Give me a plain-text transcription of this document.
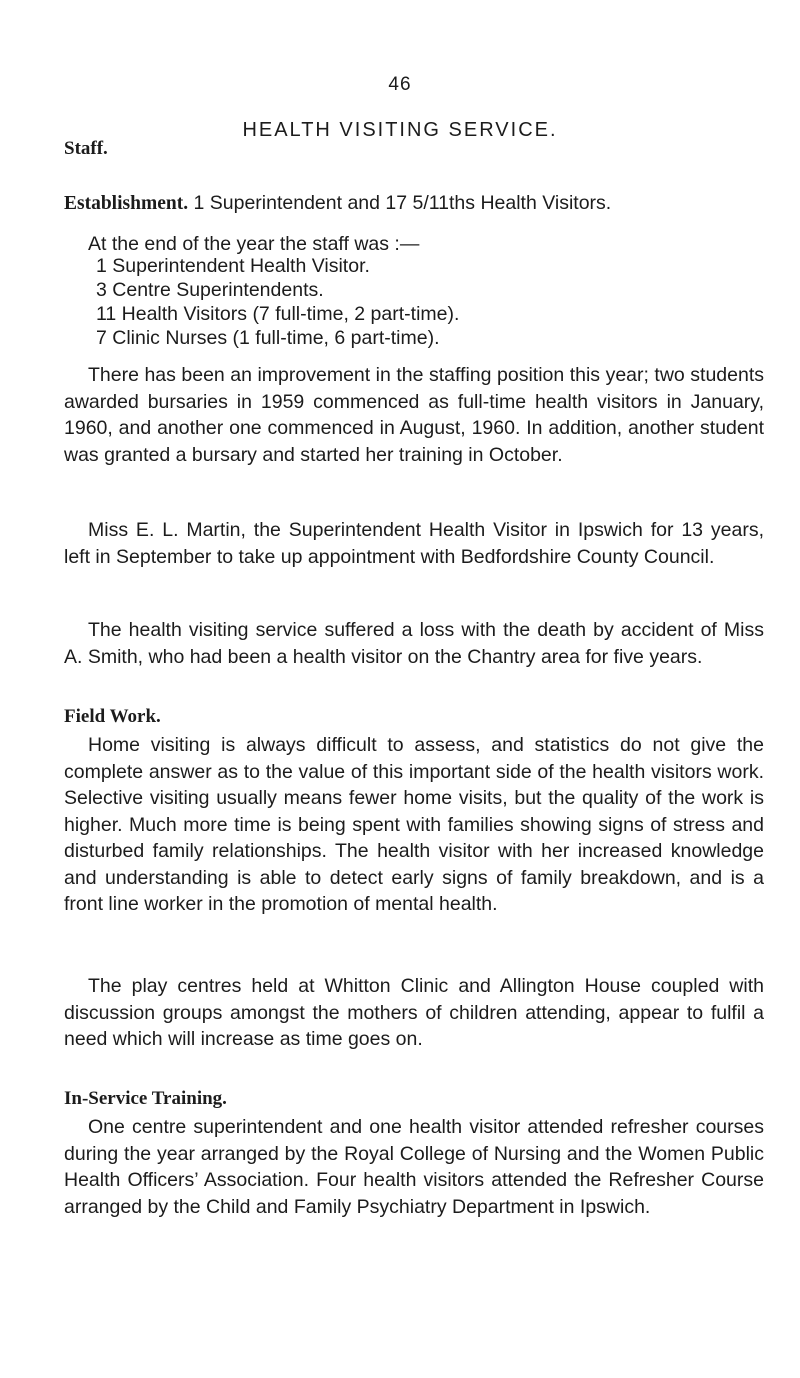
46
HEALTH VISITING SERVICE.
Staff.

Establishment. 1 Superintendent and 17 5/11ths Health Visitors.

At the end of the year the staff was :—

1 Superintendent Health Visitor.
3 Centre Superintendents.
11 Health Visitors (7 full-time, 2 part-time).
7 Clinic Nurses (1 full-time, 6 part-time).

There has been an improvement in the staffing position this year; two students awarded bursaries in 1959 commenced as full-time health visitors in January, 1960, and another one commenced in August, 1960. In addition, another student was granted a bursary and started her training in October.

Miss E. L. Martin, the Superintendent Health Visitor in Ipswich for 13 years, left in September to take up appointment with Bedfordshire County Council.

The health visiting service suffered a loss with the death by accident of Miss A. Smith, who had been a health visitor on the Chantry area for five years.

Field Work.

Home visiting is always difficult to assess, and statistics do not give the complete answer as to the value of this important side of the health visitors work. Selective visiting usually means fewer home visits, but the quality of the work is higher. Much more time is being spent with families showing signs of stress and disturbed family relationships. The health visitor with her increased knowledge and understanding is able to detect early signs of family breakdown, and is a front line worker in the promotion of mental health.

The play centres held at Whitton Clinic and Allington House coupled with discussion groups amongst the mothers of children attending, appear to fulfil a need which will increase as time goes on.

In-Service Training.

One centre superintendent and one health visitor attended refresher courses during the year arranged by the Royal College of Nursing and the Women Public Health Officers’ Association. Four health visitors attended the Refresher Course arranged by the Child and Family Psychiatry Department in Ipswich.
